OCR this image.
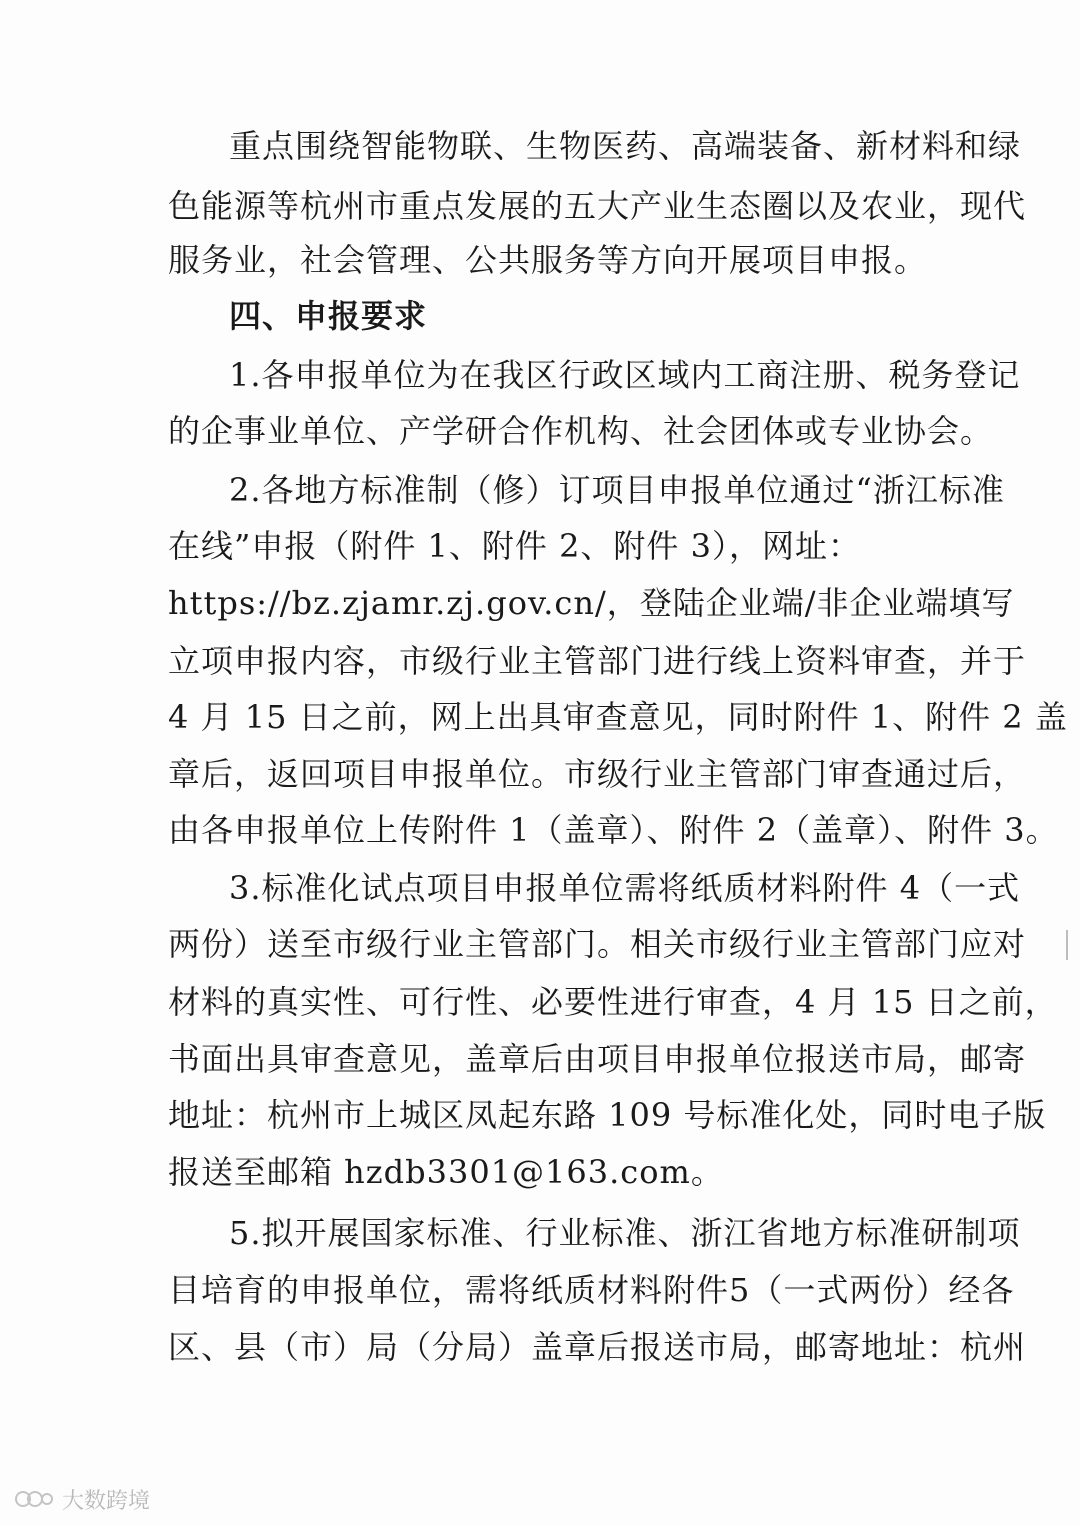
重点围绕智能物联、生物医药、高端装备、新材料和绿
色能源等杭州市重点发展的五大产业生态圈以及农业，现代
服务业，社会管理、公共服务等方向开展项目申报。
四、申报要求
1.各申报单位为在我区行政区域内工商注册、税务登记
的企事业单位、产学研合作机构、社会团体或专业协会。
2.各地方标准制（修）订项目申报单位通过“浙江标准
在线”申报（附件 1、附件 2、附件 3），网址：
https://bz.zjamr.zj.gov.cn/，登陆企业端/非企业端填写
立项申报内容，市级行业主管部门进行线上资料审查，并于
4 月 15 日之前，网上出具审查意见，同时附件 1、附件 2 盖
章后，返回项目申报单位。市级行业主管部门审查通过后，
由各申报单位上传附件 1（盖章）、附件 2（盖章）、附件 3。
3.标准化试点项目申报单位需将纸质材料附件 4（一式
两份）送至市级行业主管部门。相关市级行业主管部门应对
材料的真实性、可行性、必要性进行审查，4 月 15 日之前，
书面出具审查意见，盖章后由项目申报单位报送市局，邮寄
地址：杭州市上城区凤起东路 109 号标准化处，同时电子版
报送至邮箱 hzdb3301@163.com。
5.拟开展国家标准、行业标准、浙江省地方标准研制项
目培育的申报单位，需将纸质材料附件5（一式两份）经各
区、县（市）局（分局）盖章后报送市局，邮寄地址：杭州
大数跨境
